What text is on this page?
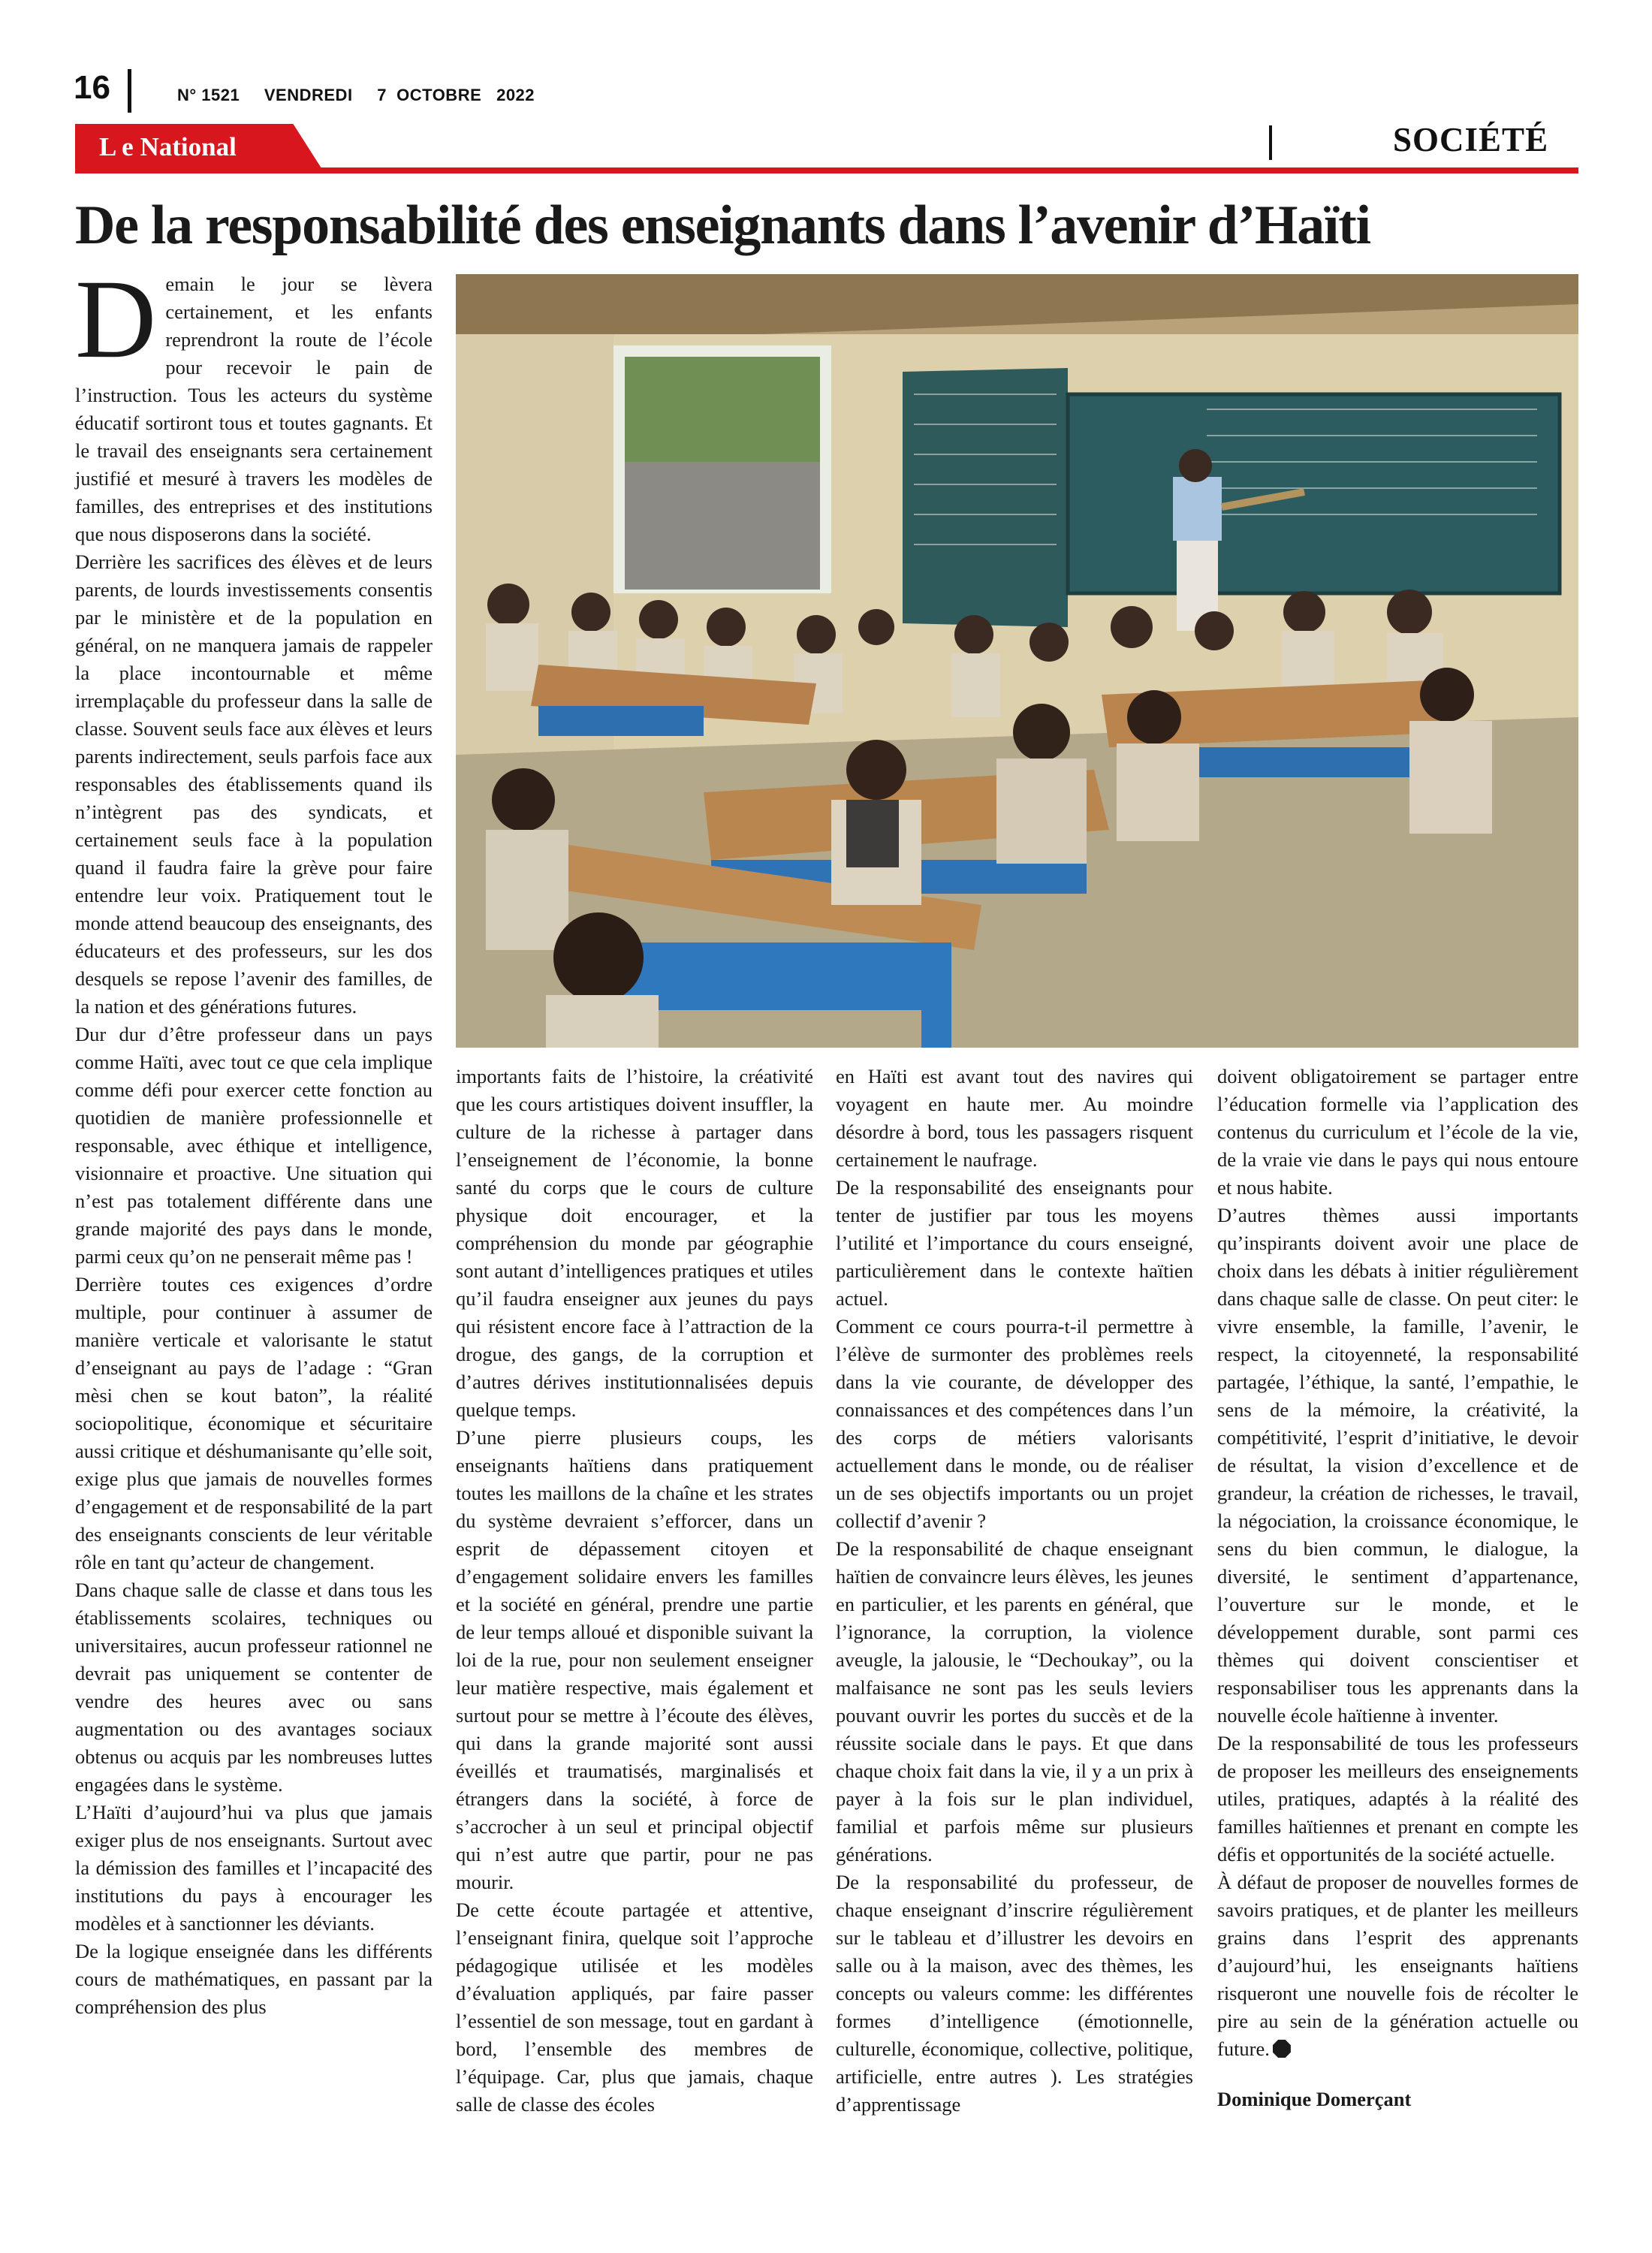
16	N° 1521 VENDREDI 7  OCTOBRE   2022
L e National	SOCIÉTÉ
De la responsabilité des enseignants dans l’avenir d’Haïti
D emain le jour se lèvera certainement, et les enfants reprendront la route de l’école pour recevoir le pain de l’instruction. Tous les acteurs du système éducatif sortiront tous et toutes gagnants. Et le travail des enseignants sera certainement justifié et mesuré à travers les modèles de familles, des entreprises et des institutions que nous disposerons dans la société.

Derrière les sacrifices des élèves et de leurs parents, de lourds investissements consentis par le ministère et de la population en général, on ne manquera jamais de rappeler la place incontournable et même irremplaçable du professeur dans la salle de classe. Souvent seuls face aux élèves et leurs parents indirectement, seuls parfois face aux responsables des établissements quand ils n’intègrent pas des syndicats, et certainement seuls face à la population quand il faudra faire la grève pour faire entendre leur voix. Pratiquement tout le monde attend beaucoup des enseignants, des éducateurs et des professeurs, sur les dos desquels se repose l’avenir des familles, de la nation et des générations futures.

Dur dur d’être professeur dans un pays comme Haïti, avec tout ce que cela implique comme défi pour exercer cette fonction au quotidien de manière professionnelle et responsable, avec éthique et intelligence, visionnaire et proactive. Une situation qui n’est pas totalement différente dans une grande majorité des pays dans le monde, parmi ceux qu’on ne penserait même pas !

Derrière toutes ces exigences d’ordre multiple, pour continuer à assumer de manière verticale et valorisante le statut d’enseignant au pays de l’adage : “Gran mèsi chen se kout baton”, la réalité sociopolitique, économique et sécuritaire aussi critique et déshumanisante qu’elle soit, exige plus que jamais de nouvelles formes d’engagement et de responsabilité de la part des enseignants conscients de leur véritable rôle en tant qu’acteur de changement.

Dans chaque salle de classe et dans tous les établissements scolaires, techniques ou universitaires, aucun professeur rationnel ne devrait pas uniquement se contenter de vendre des heures avec ou sans augmentation ou des avantages sociaux obtenus ou acquis par les nombreuses luttes engagées dans le système.

L’Haïti d’aujourd’hui va plus que jamais exiger plus de nos enseignants. Surtout avec la démission des familles et l’incapacité des institutions du pays à encourager les modèles et à sanctionner les déviants.

De la logique enseignée dans les différents cours de mathématiques, en passant par la compréhension des plus

importants faits de l’histoire, la créativité que les cours artistiques doivent insuffler, la culture de la richesse à partager dans l’enseignement de l’économie, la bonne santé du corps que le cours de culture physique doit encourager, et la compréhension du monde par géographie sont autant d’intelligences pratiques et utiles qu’il faudra enseigner aux jeunes du pays qui résistent encore face à l’attraction de la drogue, des gangs, de la corruption et d’autres dérives institutionnalisées depuis quelque temps.

D’une pierre plusieurs coups, les enseignants haïtiens dans pratiquement toutes les maillons de la chaîne et les strates du système devraient s’efforcer, dans un esprit de dépassement citoyen et d’engagement solidaire envers les familles et la société en général, prendre une partie de leur temps alloué et disponible suivant la loi de la rue, pour non seulement enseigner leur matière respective, mais également et surtout pour se mettre à l’écoute des élèves, qui dans la grande majorité sont aussi éveillés et traumatisés, marginalisés et étrangers dans la société, à force de s’accrocher à un seul et principal objectif qui n’est autre que partir, pour ne pas mourir.

De cette écoute partagée et attentive, l’enseignant finira, quelque soit l’approche pédagogique utilisée et les modèles d’évaluation appliqués, par faire passer l’essentiel de son message, tout en gardant à bord, l’ensemble des membres de l’équipage. Car, plus que jamais, chaque salle de classe des écoles

en Haïti est avant tout des navires qui voyagent en haute mer. Au moindre désordre à bord, tous les passagers risquent certainement le naufrage.

De la responsabilité des enseignants pour tenter de justifier par tous les moyens l’utilité et l’importance du cours enseigné, particulièrement dans le contexte haïtien actuel.

Comment ce cours pourra-t-il permettre à l’élève de surmonter des problèmes reels dans la vie courante, de développer des connaissances et des compétences dans l’un des corps de métiers valorisants actuellement dans le monde, ou de réaliser un de ses objectifs importants ou un projet collectif d’avenir ?

De la responsabilité de chaque enseignant haïtien de convaincre leurs élèves, les jeunes en particulier, et les parents en général, que l’ignorance, la corruption, la violence aveugle, la jalousie, le “Dechoukay”, ou la malfaisance ne sont pas les seuls leviers pouvant ouvrir les portes du succès et de la réussite sociale dans le pays. Et que dans chaque choix fait dans la vie, il y a un prix à payer à la fois sur le plan individuel, familial et parfois même sur plusieurs générations.

De la responsabilité du professeur, de chaque enseignant d’inscrire régulièrement sur le tableau et d’illustrer les devoirs en salle ou à la maison, avec des thèmes, les concepts ou valeurs comme: les différentes formes d’intelligence (émotionnelle, culturelle, économique, collective, politique, artificielle, entre autres ). Les stratégies d’apprentissage

doivent obligatoirement se partager entre l’éducation formelle via l’application des contenus du curriculum et l’école de la vie, de la vraie vie dans le pays qui nous entoure et nous habite.

D’autres thèmes aussi importants qu’inspirants doivent avoir une place de choix dans les débats à initier régulièrement dans chaque salle de classe. On peut citer: le vivre ensemble, la famille, l’avenir, le respect, la citoyenneté, la responsabilité partagée, l’éthique, la santé, l’empathie, le sens de la mémoire, la créativité, la compétitivité, l’esprit d’initiative, le devoir de résultat, la vision d’excellence et de grandeur, la création de richesses, le travail, la négociation, la croissance économique, le sens du bien commun, le dialogue, la diversité, le sentiment d’appartenance, l’ouverture sur le monde, et le développement durable, sont parmi ces thèmes qui doivent conscientiser et responsabiliser tous les apprenants dans la nouvelle école haïtienne à inventer.

De la responsabilité de tous les professeurs de proposer les meilleurs des enseignements utiles, pratiques, adaptés à la réalité des familles haïtiennes et prenant en compte les défis et opportunités de la société actuelle.

À défaut de proposer de nouvelles formes de savoirs pratiques, et de planter les meilleurs grains dans l’esprit des apprenants d’aujourd’hui, les enseignants haïtiens risqueront une nouvelle fois de récolter le pire au sein de la génération actuelle ou future.

Dominique Domerçant
